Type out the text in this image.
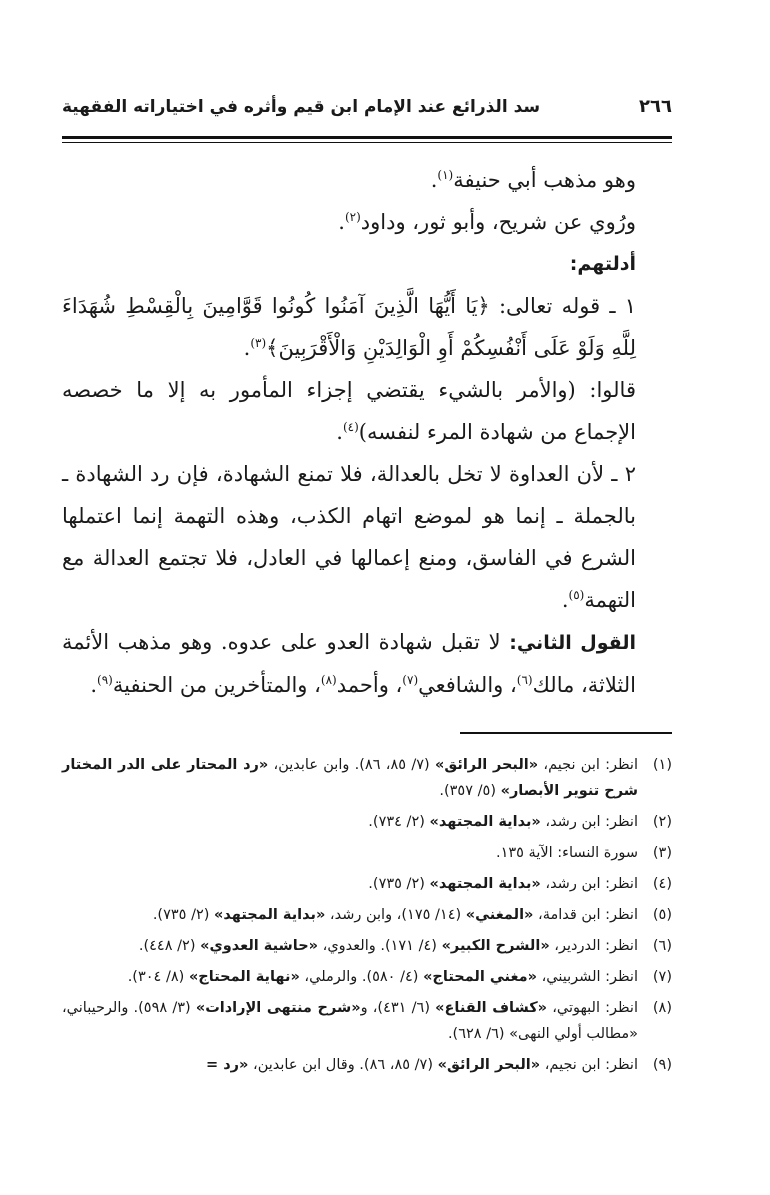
٢٦٦
سد الذرائع عند الإمام ابن قيم وأثره في اختياراته الفقهية

وهو مذهب أبي حنيفة$^{(١)}$.

ورُوي عن شريح، وأبو ثور، وداود$^{(٢)}$.

أدلتهم:

١ ـ قوله تعالى: ﴿يَا أَيُّهَا الَّذِينَ آمَنُوا كُونُوا قَوَّامِينَ بِالْقِسْطِ شُهَدَاءَ لِلَّهِ وَلَوْ عَلَى أَنْفُسِكُمْ أَوِ الْوَالِدَيْنِ وَالْأَقْرَبِينَ﴾$^{(٣)}$.

قالوا: (والأمر بالشيء يقتضي إجزاء المأمور به إلا ما خصصه الإجماع من شهادة المرء لنفسه)$^{(٤)}$.

٢ ـ لأن العداوة لا تخل بالعدالة، فلا تمنع الشهادة، فإن رد الشهادة ـ بالجملة ـ إنما هو لموضع اتهام الكذب، وهذه التهمة إنما اعتملها الشرع في الفاسق، ومنع إعمالها في العادل، فلا تجتمع العدالة مع التهمة$^{(٥)}$.

القول الثاني: لا تقبل شهادة العدو على عدوه. وهو مذهب الأئمة الثلاثة، مالك$^{(٦)}$، والشافعي$^{(٧)}$، وأحمد$^{(٨)}$، والمتأخرين من الحنفية$^{(٩)}$.

(١)
انظر: ابن نجيم، «البحر الرائق» (٧/ ٨٥، ٨٦). وابن عابدين، «رد المحتار على الدر المختار شرح تنوير الأبصار» (٥/ ٣٥٧).
(٢)
انظر: ابن رشد، «بداية المجتهد» (٢/ ٧٣٤).
(٣)
سورة النساء: الآية ١٣٥.
(٤)
انظر: ابن رشد، «بداية المجتهد» (٢/ ٧٣٥).
(٥)
انظر: ابن قدامة، «المغني» (١٤/ ١٧٥)، وابن رشد، «بداية المجتهد» (٢/ ٧٣٥).
(٦)
انظر: الدردير، «الشرح الكبير» (٤/ ١٧١). والعدوي، «حاشية العدوي» (٢/ ٤٤٨).
(٧)
انظر: الشربيني، «مغني المحتاج» (٤/ ٥٨٠). والرملي، «نهاية المحتاج» (٨/ ٣٠٤).
(٨)
انظر: البهوتي، «كشاف القناع» (٦/ ٤٣١)، و«شرح منتهى الإرادات» (٣/ ٥٩٨). والرحيباني، «مطالب أولي النهى» (٦/ ٦٢٨).
(٩)
انظر: ابن نجيم، «البحر الرائق» (٧/ ٨٥، ٨٦). وقال ابن عابدين، «رد =
